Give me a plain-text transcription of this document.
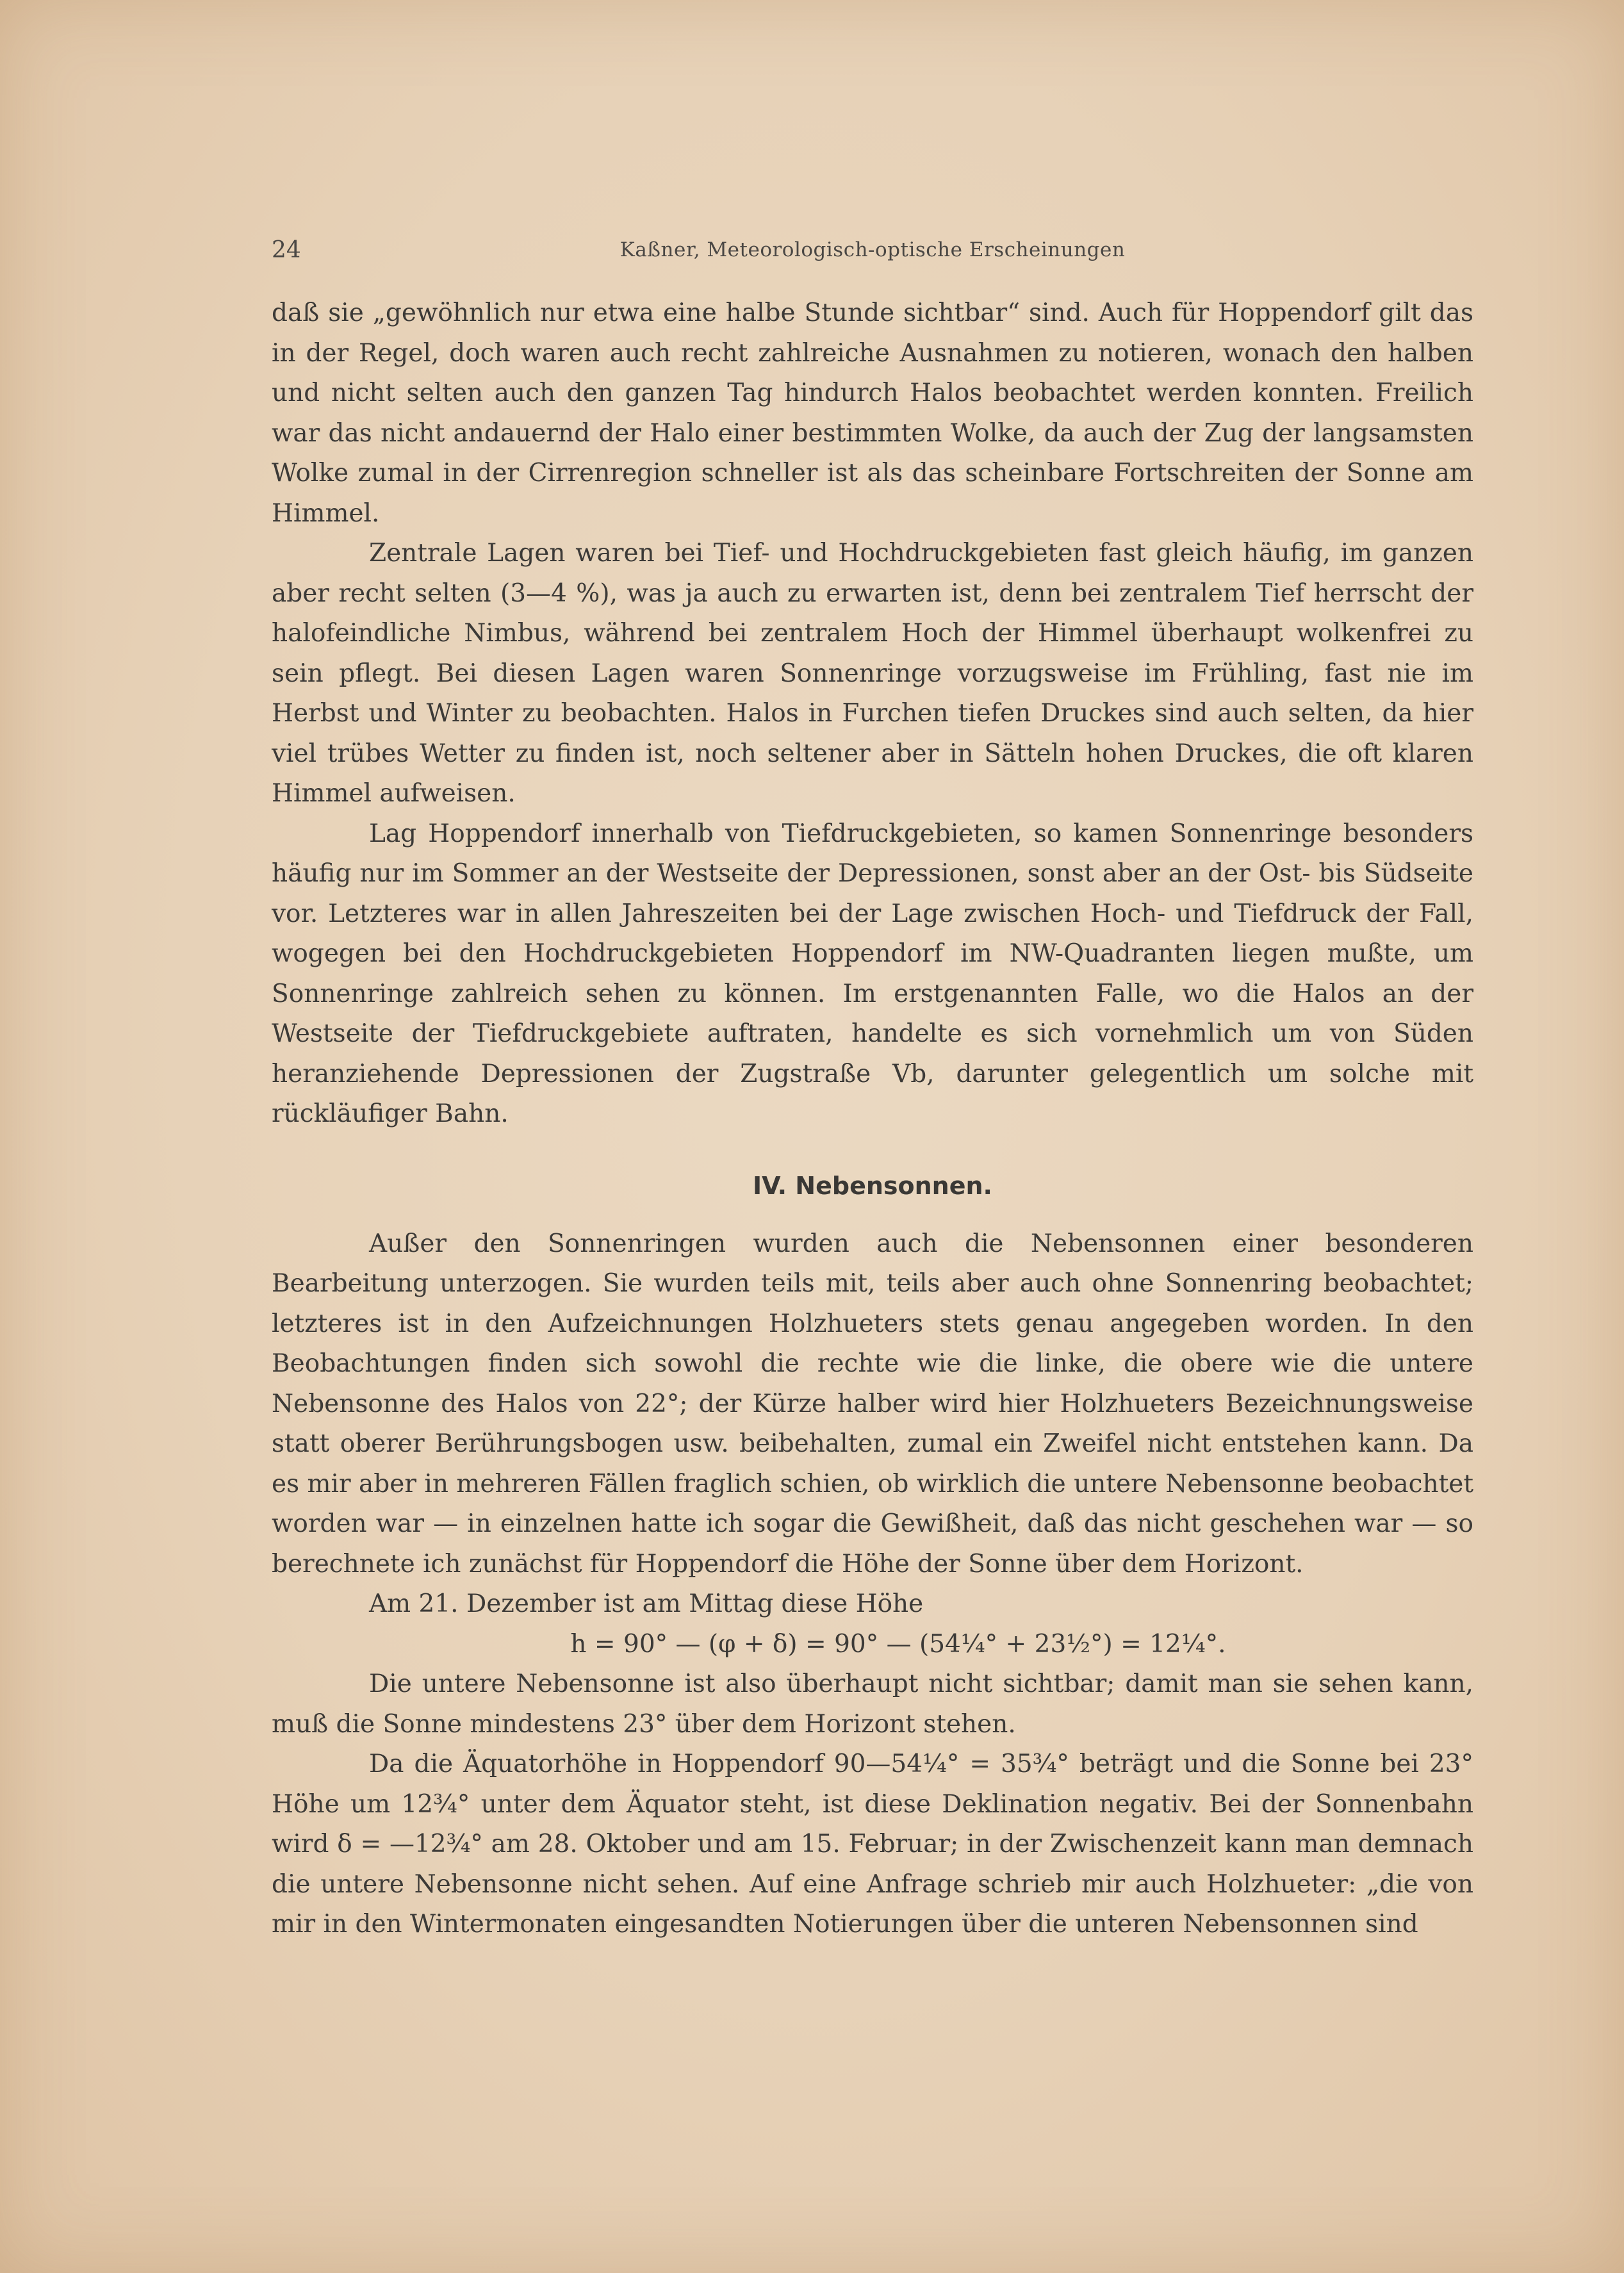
24	Kaßner, Meteorologisch-optische Erscheinungen

daß sie „gewöhnlich nur etwa eine halbe Stunde sichtbar“ sind. Auch für Hoppendorf gilt das in der Regel, doch waren auch recht zahlreiche Ausnahmen zu notieren, wonach den halben und nicht selten auch den ganzen Tag hindurch Halos beobachtet werden konnten. Freilich war das nicht andauernd der Halo einer bestimmten Wolke, da auch der Zug der langsamsten Wolke zumal in der Cirrenregion schneller ist als das scheinbare Fortschreiten der Sonne am Himmel.

Zentrale Lagen waren bei Tief- und Hochdruckgebieten fast gleich häufig, im ganzen aber recht selten (3—4 %), was ja auch zu erwarten ist, denn bei zentralem Tief herrscht der halofeindliche Nimbus, während bei zentralem Hoch der Himmel überhaupt wolkenfrei zu sein pflegt. Bei diesen Lagen waren Sonnenringe vorzugsweise im Frühling, fast nie im Herbst und Winter zu beobachten. Halos in Furchen tiefen Druckes sind auch selten, da hier viel trübes Wetter zu finden ist, noch seltener aber in Sätteln hohen Druckes, die oft klaren Himmel aufweisen.

Lag Hoppendorf innerhalb von Tiefdruckgebieten, so kamen Sonnenringe besonders häufig nur im Sommer an der Westseite der Depressionen, sonst aber an der Ost- bis Südseite vor. Letzteres war in allen Jahreszeiten bei der Lage zwischen Hoch- und Tiefdruck der Fall, wogegen bei den Hochdruckgebieten Hoppendorf im NW-Quadranten liegen mußte, um Sonnenringe zahlreich sehen zu können. Im erstgenannten Falle, wo die Halos an der Westseite der Tiefdruckgebiete auftraten, handelte es sich vornehmlich um von Süden heranziehende Depressionen der Zugstraße Vb, darunter gelegentlich um solche mit rückläufiger Bahn.

IV. Nebensonnen.

Außer den Sonnenringen wurden auch die Nebensonnen einer besonderen Bearbeitung unterzogen. Sie wurden teils mit, teils aber auch ohne Sonnenring beobachtet; letzteres ist in den Aufzeichnungen Holzhueters stets genau angegeben worden. In den Beobachtungen finden sich sowohl die rechte wie die linke, die obere wie die untere Nebensonne des Halos von 22°; der Kürze halber wird hier Holzhueters Bezeichnungsweise statt oberer Berührungsbogen usw. beibehalten, zumal ein Zweifel nicht entstehen kann. Da es mir aber in mehreren Fällen fraglich schien, ob wirklich die untere Nebensonne beobachtet worden war — in einzelnen hatte ich sogar die Gewißheit, daß das nicht geschehen war — so berechnete ich zunächst für Hoppendorf die Höhe der Sonne über dem Horizont.

Am 21. Dezember ist am Mittag diese Höhe

h = 90° — (φ + δ) = 90° — (54¼° + 23½°) = 12¼°.

Die untere Nebensonne ist also überhaupt nicht sichtbar; damit man sie sehen kann, muß die Sonne mindestens 23° über dem Horizont stehen.

Da die Äquatorhöhe in Hoppendorf 90—54¼° = 35¾° beträgt und die Sonne bei 23° Höhe um 12¾° unter dem Äquator steht, ist diese Deklination negativ. Bei der Sonnenbahn wird δ = —12¾° am 28. Oktober und am 15. Februar; in der Zwischenzeit kann man demnach die untere Nebensonne nicht sehen. Auf eine Anfrage schrieb mir auch Holzhueter: „die von mir in den Wintermonaten eingesandten Notierungen über die unteren Nebensonnen sind
